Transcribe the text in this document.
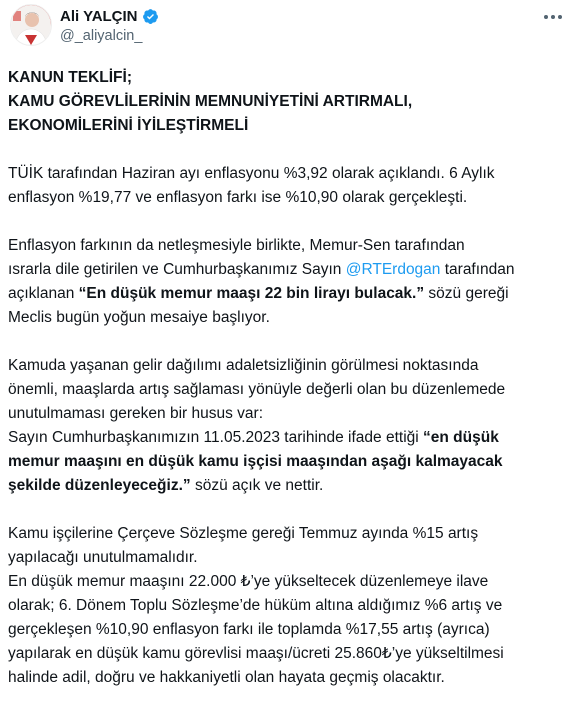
Ali YALÇIN
@_aliyalcin_

KANUN TEKLİFİ;
KAMU GÖREVLİLERİNİN MEMNUNİYETİNİ ARTIRMALI,
EKONOMİLERİNİ İYİLEŞTİRMELİ

TÜİK tarafından Haziran ayı enflasyonu %3,92 olarak açıklandı. 6 Aylık
enflasyon %19,77 ve enflasyon farkı ise %10,90 olarak gerçekleşti.

Enflasyon farkının da netleşmesiyle birlikte, Memur-Sen tarafından
ısrarla dile getirilen ve Cumhurbaşkanımız Sayın @RTErdogan tarafından
açıklanan “En düşük memur maaşı 22 bin lirayı bulacak.” sözü gereği
Meclis bugün yoğun mesaiye başlıyor.

Kamuda yaşanan gelir dağılımı adaletsizliğinin görülmesi noktasında
önemli, maaşlarda artış sağlaması yönüyle değerli olan bu düzenlemede
unutulmaması gereken bir husus var:
Sayın Cumhurbaşkanımızın 11.05.2023 tarihinde ifade ettiği “en düşük
memur maaşını en düşük kamu işçisi maaşından aşağı kalmayacak
şekilde düzenleyeceğiz.” sözü açık ve nettir.

Kamu işçilerine Çerçeve Sözleşme gereği Temmuz ayında %15 artış
yapılacağı unutulmamalıdır.
En düşük memur maaşını 22.000 ₺’ye yükseltecek düzenlemeye ilave
olarak; 6. Dönem Toplu Sözleşme’de hüküm altına aldığımız %6 artış ve
gerçekleşen %10,90 enflasyon farkı ile toplamda %17,55 artış (ayrıca)
yapılarak en düşük kamu görevlisi maaşı/ücreti 25.860₺’ye yükseltilmesi
halinde adil, doğru ve hakkaniyetli olan hayata geçmiş olacaktır.
